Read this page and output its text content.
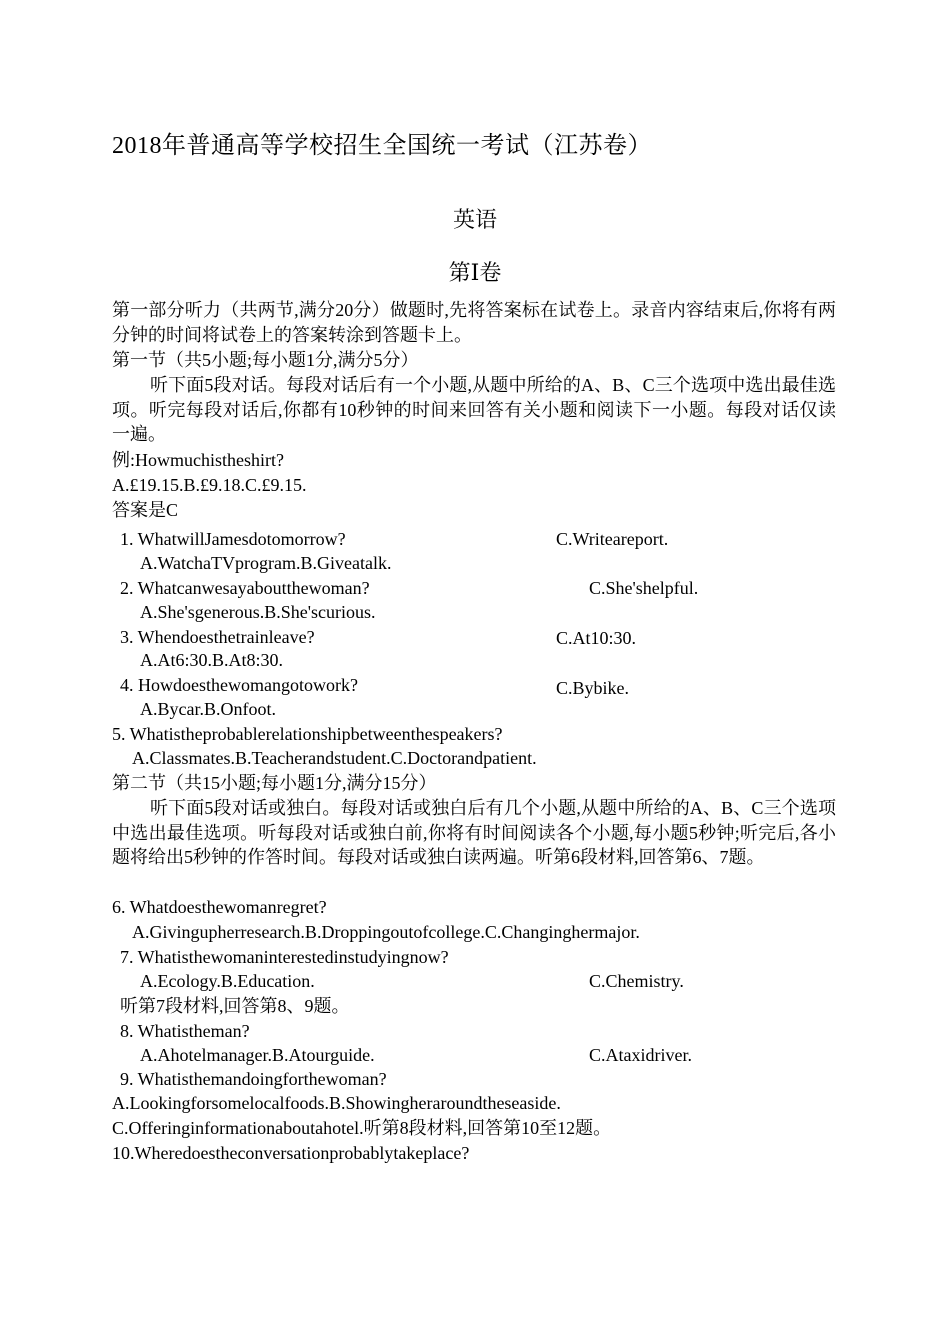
2018年普通高等学校招生全国统一考试（江苏卷）
英语
第Ⅰ卷
第一部分听力（共两节,满分20分）做题时,先将答案标在试卷上。录音内容结束后,你将有两分钟的时间将试卷上的答案转涂到答题卡上。
第一节（共5小题;每小题1分,满分5分）
听下面5段对话。每段对话后有一个小题,从题中所给的A、B、C三个选项中选出最佳选项。听完每段对话后,你都有10秒钟的时间来回答有关小题和阅读下一小题。每段对话仅读一遍。
例:Howmuchistheshirt?
A.£19.15.B.£9.18.C.£9.15.
答案是C
1. WhatwillJamesdotomorrow?	C.Writeareport.
A.WatchaTVprogram.B.Giveatalk.
2. Whatcanwesayaboutthewoman?	C.She'shelpful.
A.She'sgenerous.B.She'scurious.
3. Whendoesthetrainleave?	C.At10:30.
A.At6:30.B.At8:30.
4. Howdoesthewomangotowork?	C.Bybike.
A.Bycar.B.Onfoot.
5. Whatistheprobablerelationshipbetweenthespeakers?
A.Classmates.B.Teacherandstudent.C.Doctorandpatient.
第二节（共15小题;每小题1分,满分15分）
听下面5段对话或独白。每段对话或独白后有几个小题,从题中所给的A、B、C三个选项中选出最佳选项。听每段对话或独白前,你将有时间阅读各个小题,每小题5秒钟;听完后,各小题将给出5秒钟的作答时间。每段对话或独白读两遍。听第6段材料,回答第6、7题。
6. Whatdoesthewomanregret?
A.Givingupherresearch.B.Droppingoutofcollege.C.Changinghermajor.
7. Whatisthewomaninterestedinstudyingnow?
A.Ecology.B.Education.	C.Chemistry.
听第7段材料,回答第8、9题。
8. Whatistheman?
A.Ahotelmanager.B.Atourguide.	C.Ataxidriver.
9. Whatisthemandoingforthewoman?
A.Lookingforsomelocalfoods.B.Showingheraroundtheseaside.
C.Offeringinformationaboutahotel.听第8段材料,回答第10至12题。
10.Wheredoestheconversationprobablytakeplace?
